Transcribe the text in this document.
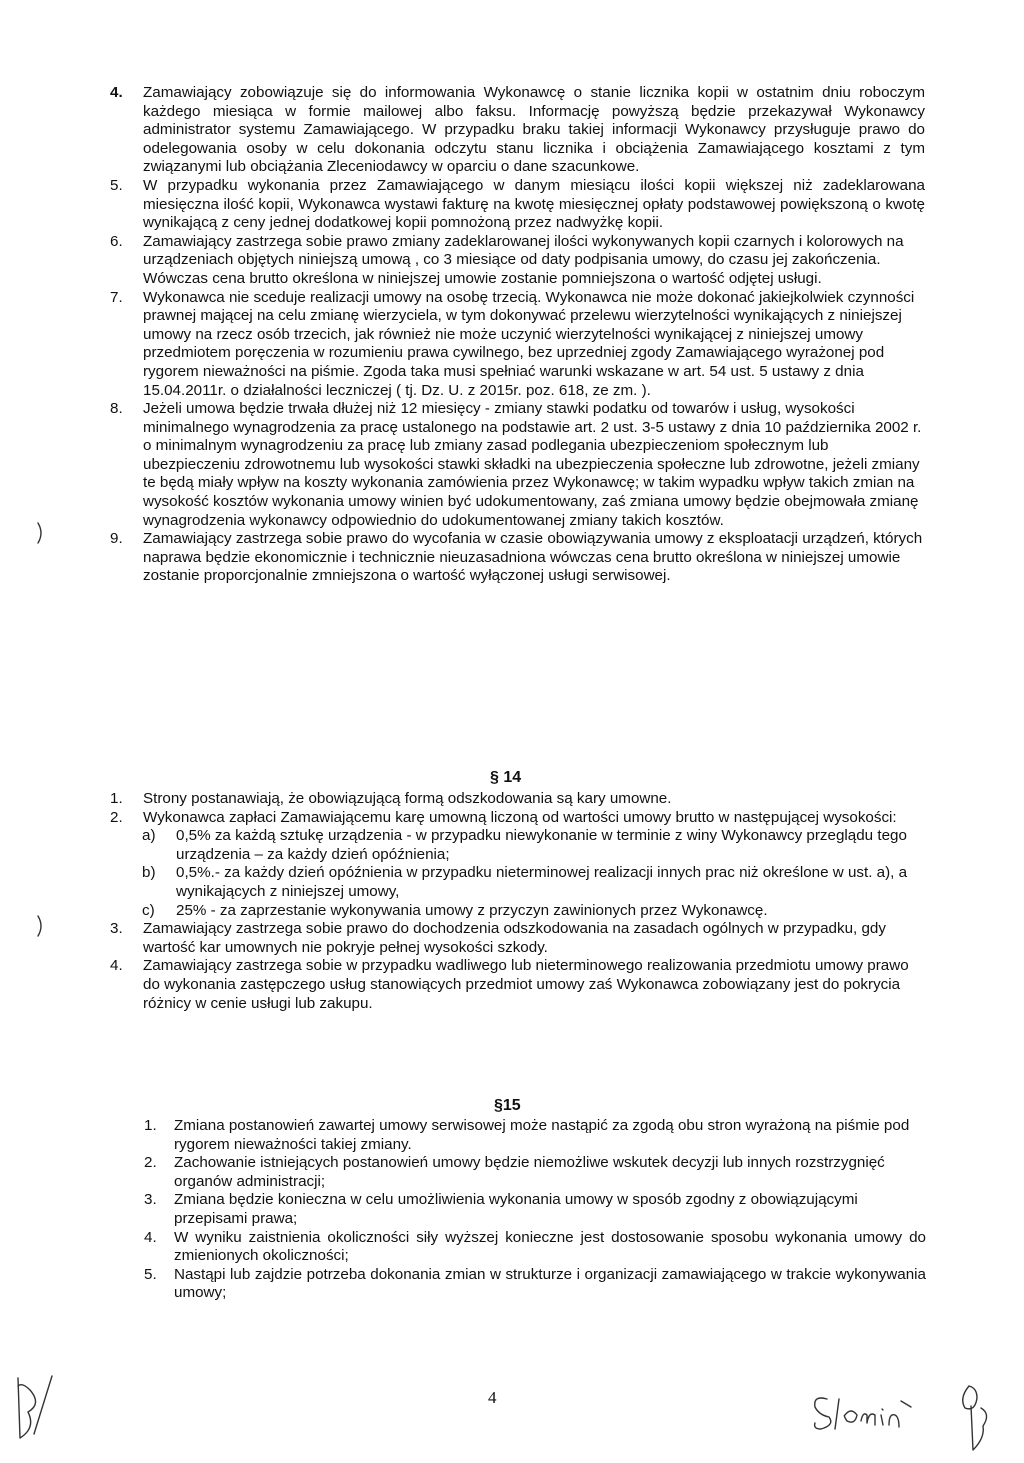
4. Zamawiający zobowiązuje się do informowania Wykonawcę o stanie licznika kopii w ostatnim dniu roboczym każdego miesiąca w formie mailowej albo faksu. Informację powyższą będzie przekazywał Wykonawcy administrator systemu Zamawiającego. W przypadku braku takiej informacji Wykonawcy przysługuje prawo do odelegowania osoby w celu dokonania odczytu stanu licznika i obciążenia Zamawiającego kosztami z tym związanymi lub obciążania Zleceniodawcy w oparciu o dane szacunkowe.
5. W przypadku wykonania przez Zamawiającego w danym miesiącu ilości kopii większej niż zadeklarowana miesięczna ilość kopii, Wykonawca wystawi fakturę na kwotę miesięcznej opłaty podstawowej powiększoną o kwotę wynikającą z ceny jednej dodatkowej kopii pomnożoną przez nadwyżkę kopii.
6. Zamawiający zastrzega sobie prawo zmiany zadeklarowanej ilości wykonywanych kopii czarnych i kolorowych na urządzeniach objętych niniejszą umową , co 3 miesiące od daty podpisania umowy, do czasu jej zakończenia. Wówczas cena brutto określona w niniejszej umowie zostanie pomniejszona o wartość odjętej usługi.
7. Wykonawca nie sceduje realizacji umowy na osobę trzecią. Wykonawca nie może dokonać jakiejkolwiek czynności prawnej mającej na celu zmianę wierzyciela, w tym dokonywać przelewu wierzytelności wynikających z niniejszej umowy na rzecz osób trzecich, jak również nie może uczynić wierzytelności wynikającej z niniejszej umowy przedmiotem poręczenia w rozumieniu prawa cywilnego, bez uprzedniej zgody Zamawiającego wyrażonej pod rygorem nieważności na piśmie. Zgoda taka musi spełniać warunki wskazane w art. 54 ust. 5 ustawy z dnia 15.04.2011r. o działalności leczniczej ( tj. Dz. U. z 2015r. poz. 618, ze zm. ).
8. Jeżeli umowa będzie trwała dłużej niż 12 miesięcy - zmiany stawki podatku od towarów i usług, wysokości minimalnego wynagrodzenia za pracę ustalonego na podstawie art. 2 ust. 3-5 ustawy z dnia 10 października 2002 r. o minimalnym wynagrodzeniu za pracę lub zmiany zasad podlegania ubezpieczeniom społecznym lub ubezpieczeniu zdrowotnemu lub wysokości stawki składki na ubezpieczenia społeczne lub zdrowotne, jeżeli zmiany te będą miały wpływ na koszty wykonania zamówienia przez Wykonawcę; w takim wypadku wpływ takich zmian na wysokość kosztów wykonania umowy winien być udokumentowany, zaś zmiana umowy będzie obejmowała zmianę wynagrodzenia wykonawcy odpowiednio do udokumentowanej zmiany takich kosztów.
9. Zamawiający zastrzega sobie prawo do wycofania w czasie obowiązywania umowy z eksploatacji urządzeń, których naprawa będzie ekonomicznie i technicznie nieuzasadniona wówczas cena brutto określona w niniejszej umowie zostanie proporcjonalnie zmniejszona o wartość wyłączonej usługi serwisowej.
§ 14
1. Strony postanawiają, że obowiązującą formą odszkodowania są kary umowne.
2. Wykonawca zapłaci Zamawiającemu karę umowną liczoną od wartości umowy brutto w następującej wysokości:
a) 0,5% za każdą sztukę urządzenia - w przypadku niewykonanie w terminie z winy Wykonawcy przeglądu tego urządzenia – za każdy dzień opóźnienia;
b) 0,5%.- za każdy dzień opóźnienia w przypadku nieterminowej realizacji innych prac niż określone w ust. a), a wynikających z niniejszej umowy,
c) 25% - za zaprzestanie wykonywania umowy z przyczyn zawinionych przez Wykonawcę.
3. Zamawiający zastrzega sobie prawo do dochodzenia odszkodowania na zasadach ogólnych w przypadku, gdy wartość kar umownych nie pokryje pełnej wysokości szkody.
4. Zamawiający zastrzega sobie w przypadku wadliwego lub nieterminowego realizowania przedmiotu umowy prawo do wykonania zastępczego usług stanowiących przedmiot umowy zaś Wykonawca zobowiązany jest do pokrycia różnicy w cenie usługi lub zakupu.
§15
1. Zmiana postanowień zawartej umowy serwisowej może nastąpić za zgodą obu stron wyrażoną na piśmie pod rygorem nieważności takiej zmiany.
2. Zachowanie istniejących postanowień umowy będzie niemożliwe wskutek decyzji lub innych rozstrzygnięć organów administracji;
3. Zmiana będzie konieczna w celu umożliwienia wykonania umowy w sposób zgodny z obowiązującymi przepisami prawa;
4. W wyniku zaistnienia okoliczności siły wyższej konieczne jest dostosowanie sposobu wykonania umowy do zmienionych okoliczności;
5. Nastąpi lub zajdzie potrzeba dokonania zmian w strukturze i organizacji zamawiającego w trakcie wykonywania umowy;
4
